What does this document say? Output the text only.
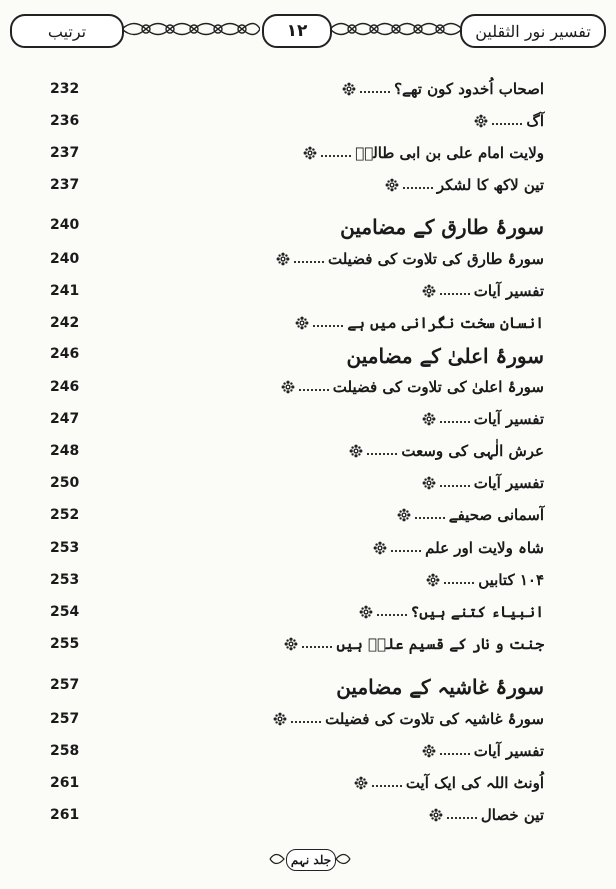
ترتیب	۱۲	تفسیر نور الثقلین
232	اصحاب اُخدود کون تھے؟
236	آگ
237	ولایت امام علی بن ابی طالبؑ
237	تین لاکھ کا لشکر
240	سورۂ طارق کے مضامین
240	سورۂ طارق کی تلاوت کی فضیلت
241	تفسیر آیات
242	انسان سخت نگرانی میں ہے
246	سورۂ اعلیٰ کے مضامین
246	سورۂ اعلیٰ کی تلاوت کی فضیلت
247	تفسیر آیات
248	عرش الٰہی کی وسعت
250	تفسیر آیات
252	آسمانی صحیفے
253	شاہ ولایت اور علم
253	۱۰۴ کتابیں
254	انبیاء کتنے ہیں؟
255	جنت و نار کے قسیم علیؑ ہیں
257	سورۂ غاشیہ کے مضامین
257	سورۂ غاشیہ کی تلاوت کی فضیلت
258	تفسیر آیات
261	اُونٹ اللہ کی ایک آیت
261	تین خصال
جلد نہم
